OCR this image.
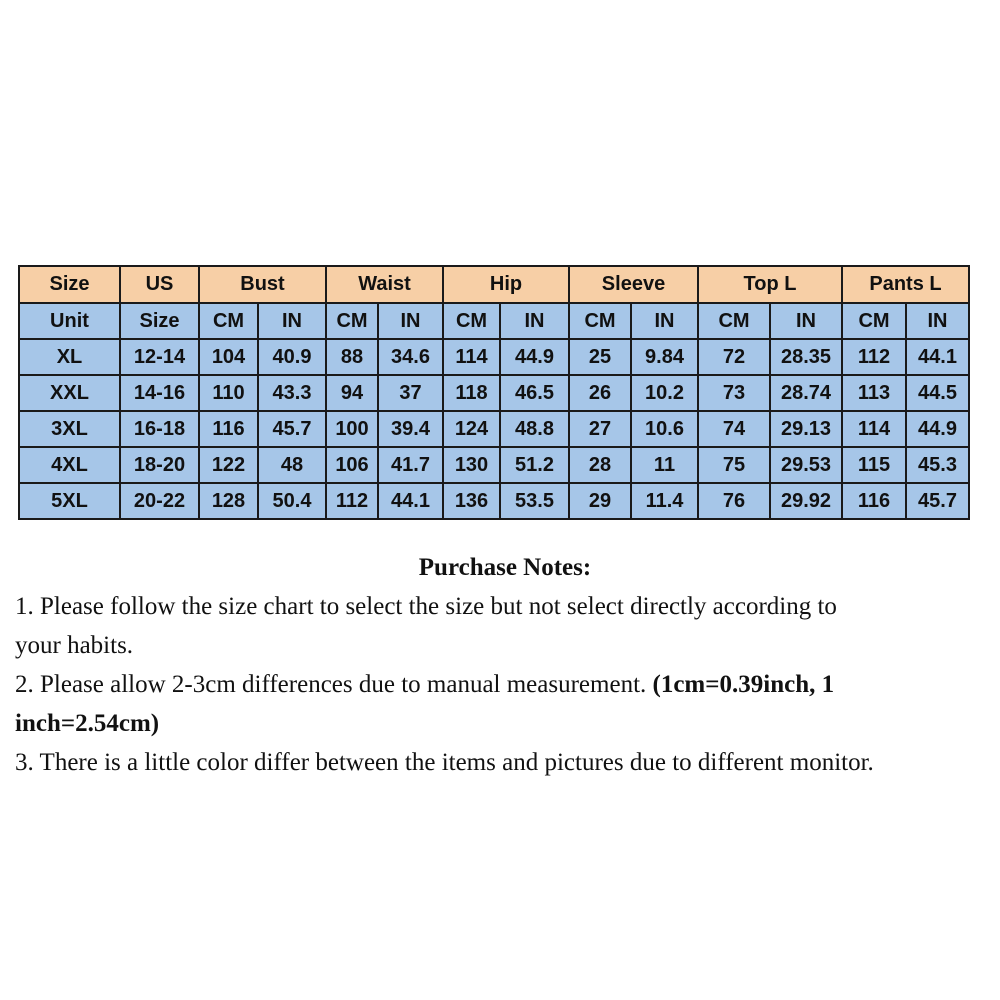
Size	US	Bust		Waist		Hip		Sleeve		Top L		Pants L	
Unit	Size	CM	IN	CM	IN	CM	IN	CM	IN	CM	IN	CM	IN
XL	12-14	104	40.9	88	34.6	114	44.9	25	9.84	72	28.35	112	44.1
XXL	14-16	110	43.3	94	37	118	46.5	26	10.2	73	28.74	113	44.5
3XL	16-18	116	45.7	100	39.4	124	48.8	27	10.6	74	29.13	114	44.9
4XL	18-20	122	48	106	41.7	130	51.2	28	11	75	29.53	115	45.3
5XL	20-22	128	50.4	112	44.1	136	53.5	29	11.4	76	29.92	116	45.7
Purchase Notes:

1. Please follow the size chart to select the size but not select directly according to

your habits.

2. Please allow 2-3cm differences due to manual measurement. (1cm=0.39inch, 1

inch=2.54cm)

3. There is a little color differ between the items and pictures due to different monitor.
